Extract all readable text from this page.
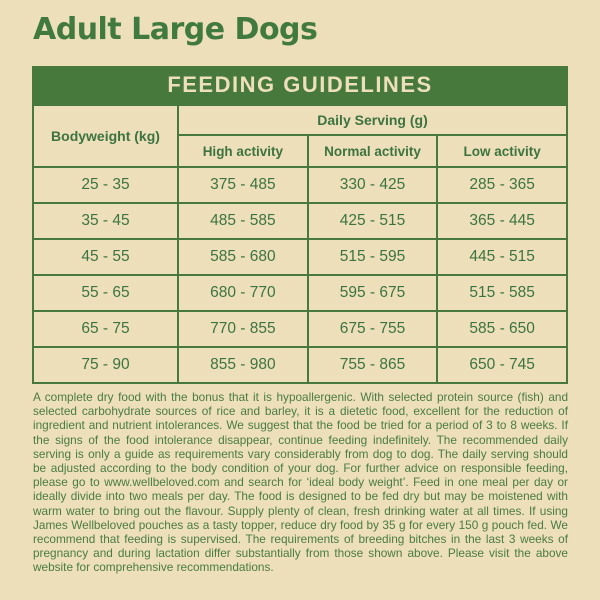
Adult Large Dogs
FEEDING GUIDELINES
Bodyweight (kg)	Daily Serving (g)		
	High activity	Normal activity	Low activity
25 - 35	375 - 485	330 - 425	285 - 365
35 - 45	485 - 585	425 - 515	365 - 445
45 - 55	585 - 680	515 - 595	445 - 515
55 - 65	680 - 770	595 - 675	515 - 585
65 - 75	770 - 855	675 - 755	585 - 650
75 - 90	855 - 980	755 - 865	650 - 745
A complete dry food with the bonus that it is hypoallergenic. With selected protein source (fish) and selected carbohydrate sources of rice and barley, it is a dietetic food, excellent for the reduction of ingredient and nutrient intolerances. We suggest that the food be tried for a period of 3 to 8 weeks. If the signs of the food intolerance disappear, continue feeding indefinitely. The recommended daily serving is only a guide as requirements vary considerably from dog to dog. The daily serving should be adjusted according to the body condition of your dog. For further advice on responsible feeding, please go to www.wellbeloved.com and search for ‘ideal body weight’. Feed in one meal per day or ideally divide into two meals per day. The food is designed to be fed dry but may be moistened with warm water to bring out the flavour. Supply plenty of clean, fresh drinking water at all times. If using James Wellbeloved pouches as a tasty topper, reduce dry food by 35 g for every 150 g pouch fed. We recommend that feeding is supervised. The requirements of breeding bitches in the last 3 weeks of pregnancy and during lactation differ substantially from those shown above. Please visit the above website for comprehensive recommendations.
